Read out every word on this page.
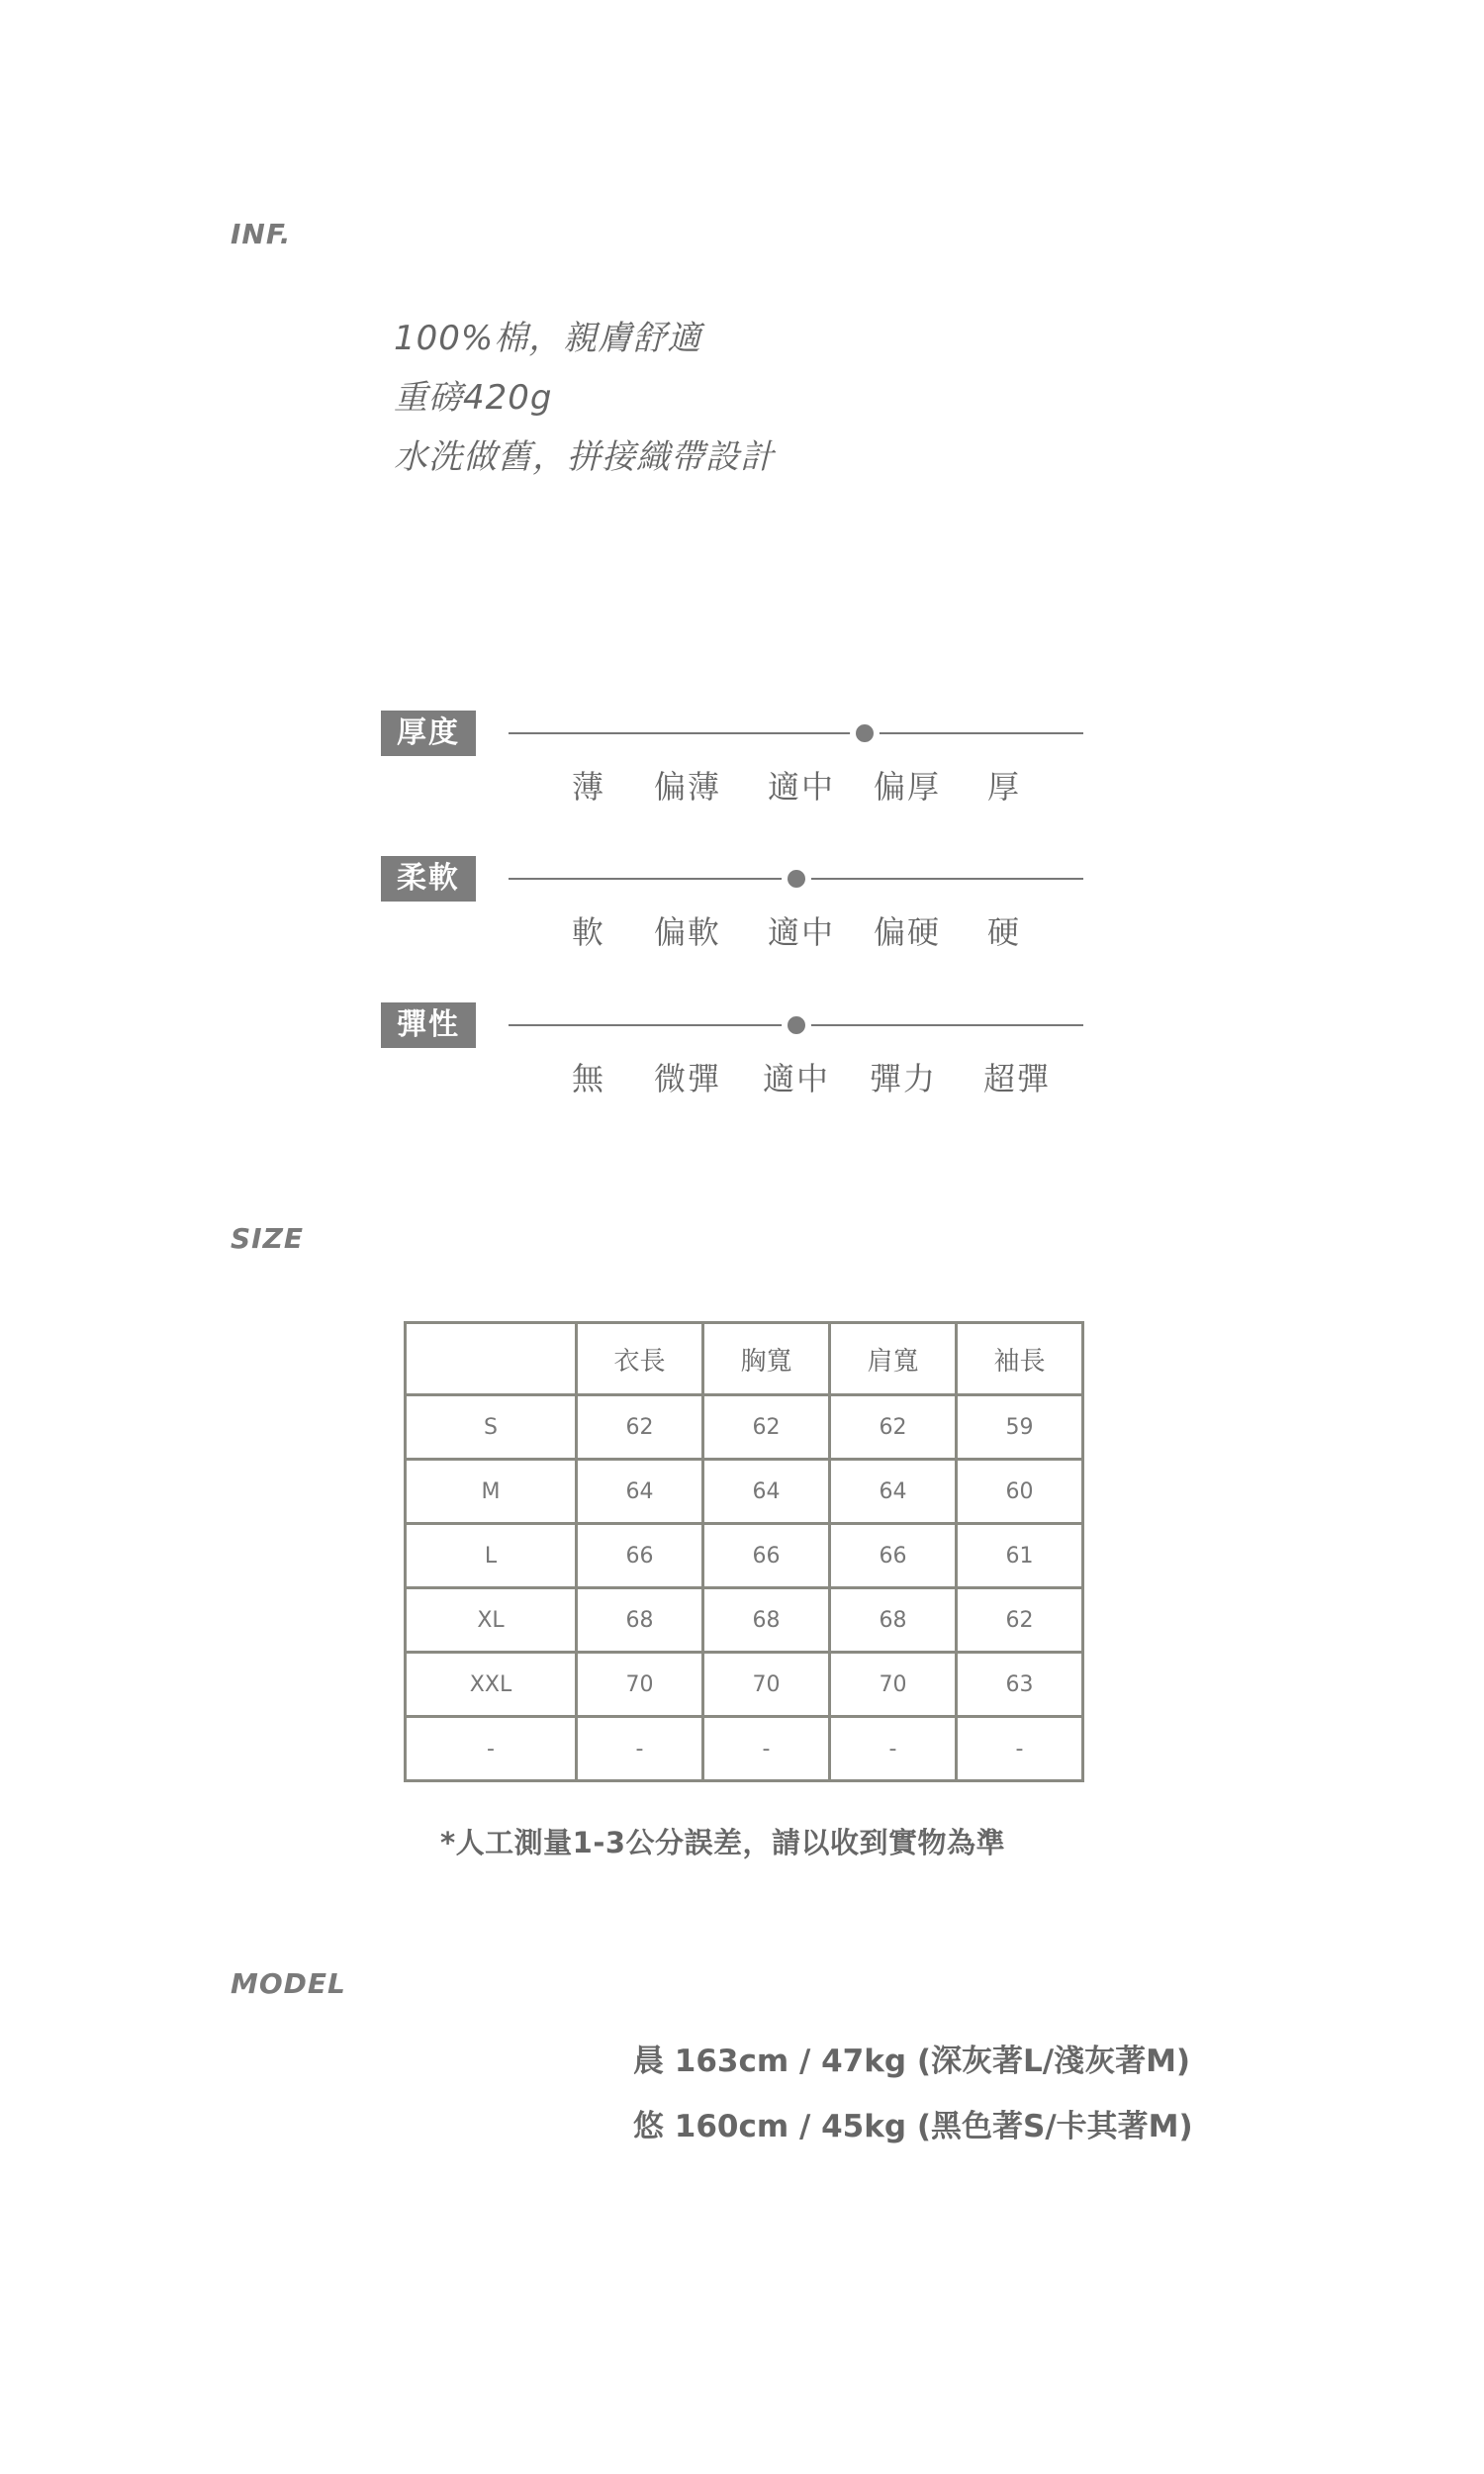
INF.
100%棉，親膚舒適
重磅420g
水洗做舊，拼接織帶設計
厚度
薄 偏薄 適中 偏厚 厚
柔軟
軟 偏軟 適中 偏硬 硬
彈性
無 微彈 適中 彈力 超彈
SIZE
	衣長	胸寬	肩寬	袖長
S	62	62	62	59
M	64	64	64	60
L	66	66	66	61
XL	68	68	68	62
XXL	70	70	70	63
-	-	-	-	-
*人工測量1-3公分誤差，請以收到實物為準
MODEL
晨 163cm / 47kg (深灰著L/淺灰著M)
悠 160cm / 45kg (黑色著S/卡其著M)
